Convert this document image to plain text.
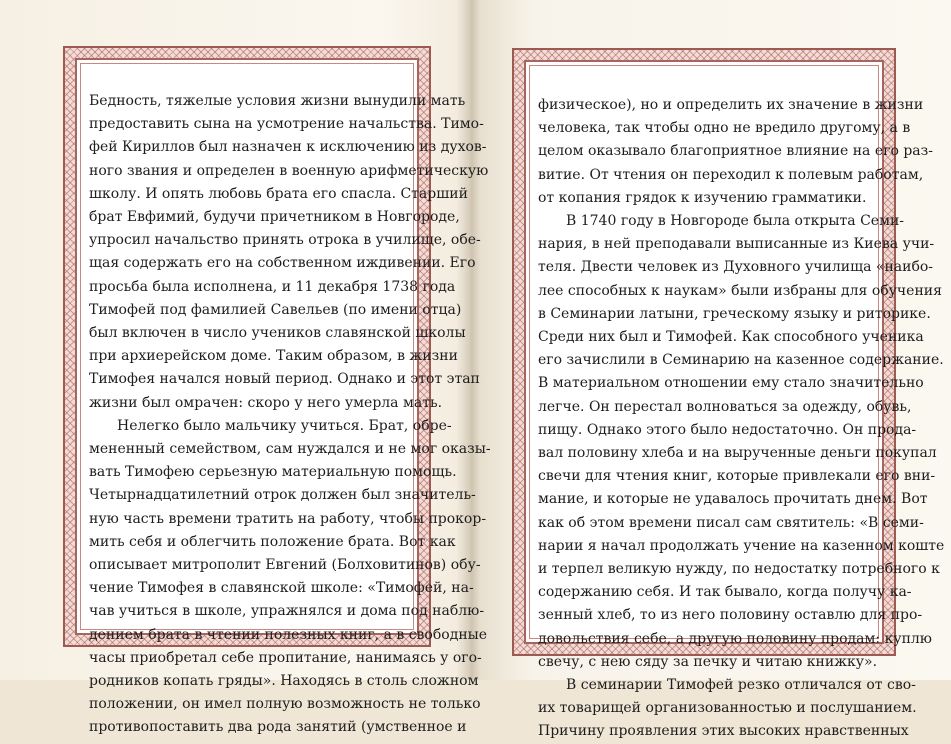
Бедность, тяжелые условия жизни вынудили мать
предоставить сына на усмотрение начальства. Тимо-
фей Кириллов был назначен к исключению из духов-
ного звания и определен в военную арифметическую
школу. И опять любовь брата его спасла. Старший
брат Евфимий, будучи причетником в Новгороде,
упросил начальство принять отрока в училище, обе-
щая содержать его на собственном иждивении. Его
просьба была исполнена, и 11 декабря 1738 года
Тимофей под фамилией Савельев (по имени отца)
был включен в число учеников славянской школы
при архиерейском доме. Таким образом, в жизни
Тимофея начался новый период. Однако и этот этап
жизни был омрачен: скоро у него умерла мать.
Нелегко было мальчику учиться. Брат, обре-
мененный семейством, сам нуждался и не мог оказы-
вать Тимофею серьезную материальную помощь.
Четырнадцатилетний отрок должен был значитель-
ную часть времени тратить на работу, чтобы прокор-
мить себя и облегчить положение брата. Вот как
описывает митрополит Евгений (Болховитинов) обу-
чение Тимофея в славянской школе: «Тимофей, на-
чав учиться в школе, упражнялся и дома под наблю-
дением брата в чтении полезных книг, а в свободные
часы приобретал себе пропитание, нанимаясь у ого-
родников копать гряды». Находясь в столь сложном
положении, он имел полную возможность не только
противопоставить два рода занятий (умственное и
физическое), но и определить их значение в жизни
человека, так чтобы одно не вредило другому, а в
целом оказывало благоприятное влияние на его раз-
витие. От чтения он переходил к полевым работам,
от копания грядок к изучению грамматики.
В 1740 году в Новгороде была открыта Семи-
нария, в ней преподавали выписанные из Киева учи-
теля. Двести человек из Духовного училища «наибо-
лее способных к наукам» были избраны для обучения
в Семинарии латыни, греческому языку и риторике.
Среди них был и Тимофей. Как способного ученика
его зачислили в Семинарию на казенное содержание.
В материальном отношении ему стало значительно
легче. Он перестал волноваться за одежду, обувь,
пищу. Однако этого было недостаточно. Он прода-
вал половину хлеба и на вырученные деньги покупал
свечи для чтения книг, которые привлекали его вни-
мание, и которые не удавалось прочитать днем. Вот
как об этом времени писал сам святитель: «В семи-
нарии я начал продолжать учение на казенном коште
и терпел великую нужду, по недостатку потребного к
содержанию себя. И так бывало, когда получу ка-
зенный хлеб, то из него половину оставлю для про-
довольствия себе, а другую половину продам: куплю
свечу, с нею сяду за печку и читаю книжку».
В семинарии Тимофей резко отличался от сво-
их товарищей организованностью и послушанием.
Причину проявления этих высоких нравственных
